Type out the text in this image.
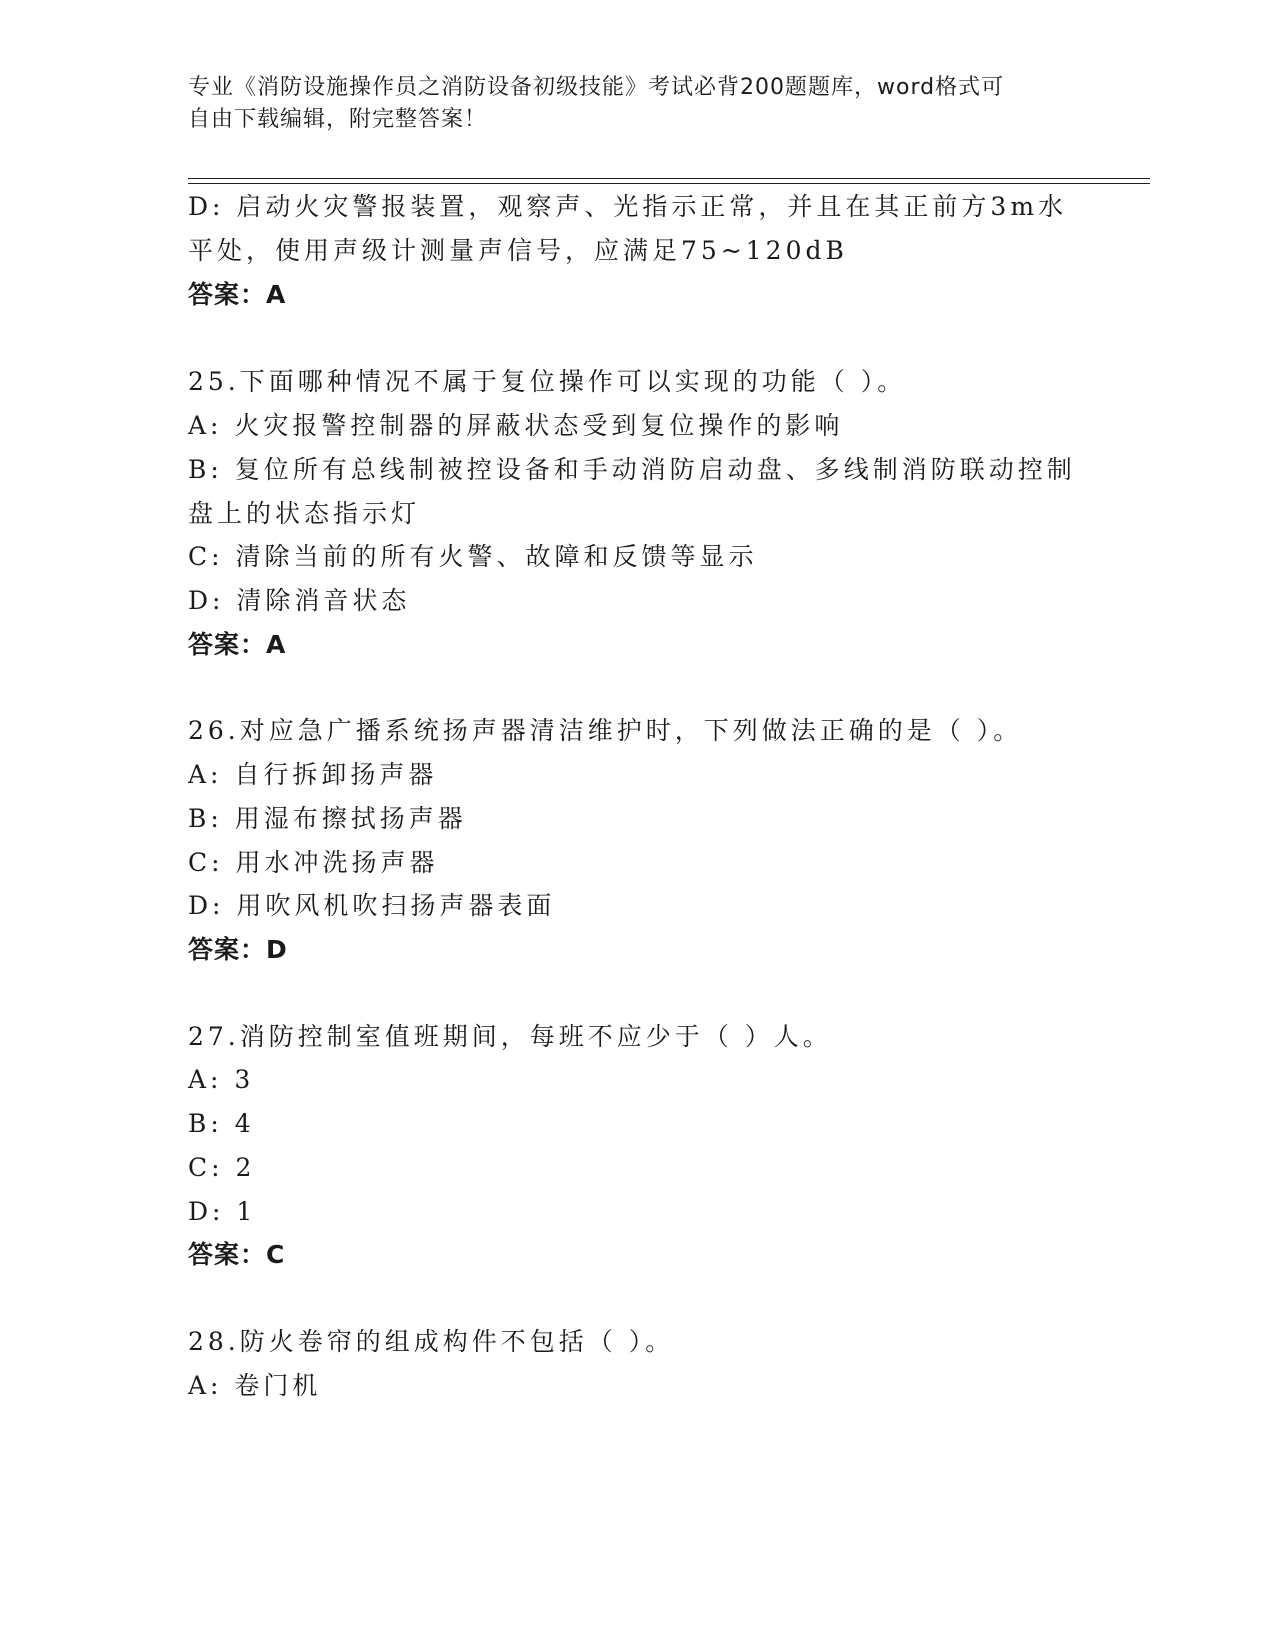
专业《消防设施操作员之消防设备初级技能》考试必背200题题库，word格式可
自由下载编辑，附完整答案！
D: 启动火灾警报装置，观察声、光指示正常，并且在其正前方3m水
平处，使用声级计测量声信号，应满足75~120dB
答案：A
25.下面哪种情况不属于复位操作可以实现的功能（ ）。
A: 火灾报警控制器的屏蔽状态受到复位操作的影响
B: 复位所有总线制被控设备和手动消防启动盘、多线制消防联动控制
盘上的状态指示灯
C: 清除当前的所有火警、故障和反馈等显示
D: 清除消音状态
答案：A
26.对应急广播系统扬声器清洁维护时，下列做法正确的是（ ）。
A: 自行拆卸扬声器
B: 用湿布擦拭扬声器
C: 用水冲洗扬声器
D: 用吹风机吹扫扬声器表面
答案：D
27.消防控制室值班期间，每班不应少于（ ）人。
A: 3
B: 4
C: 2
D: 1
答案：C
28.防火卷帘的组成构件不包括（ ）。
A: 卷门机
